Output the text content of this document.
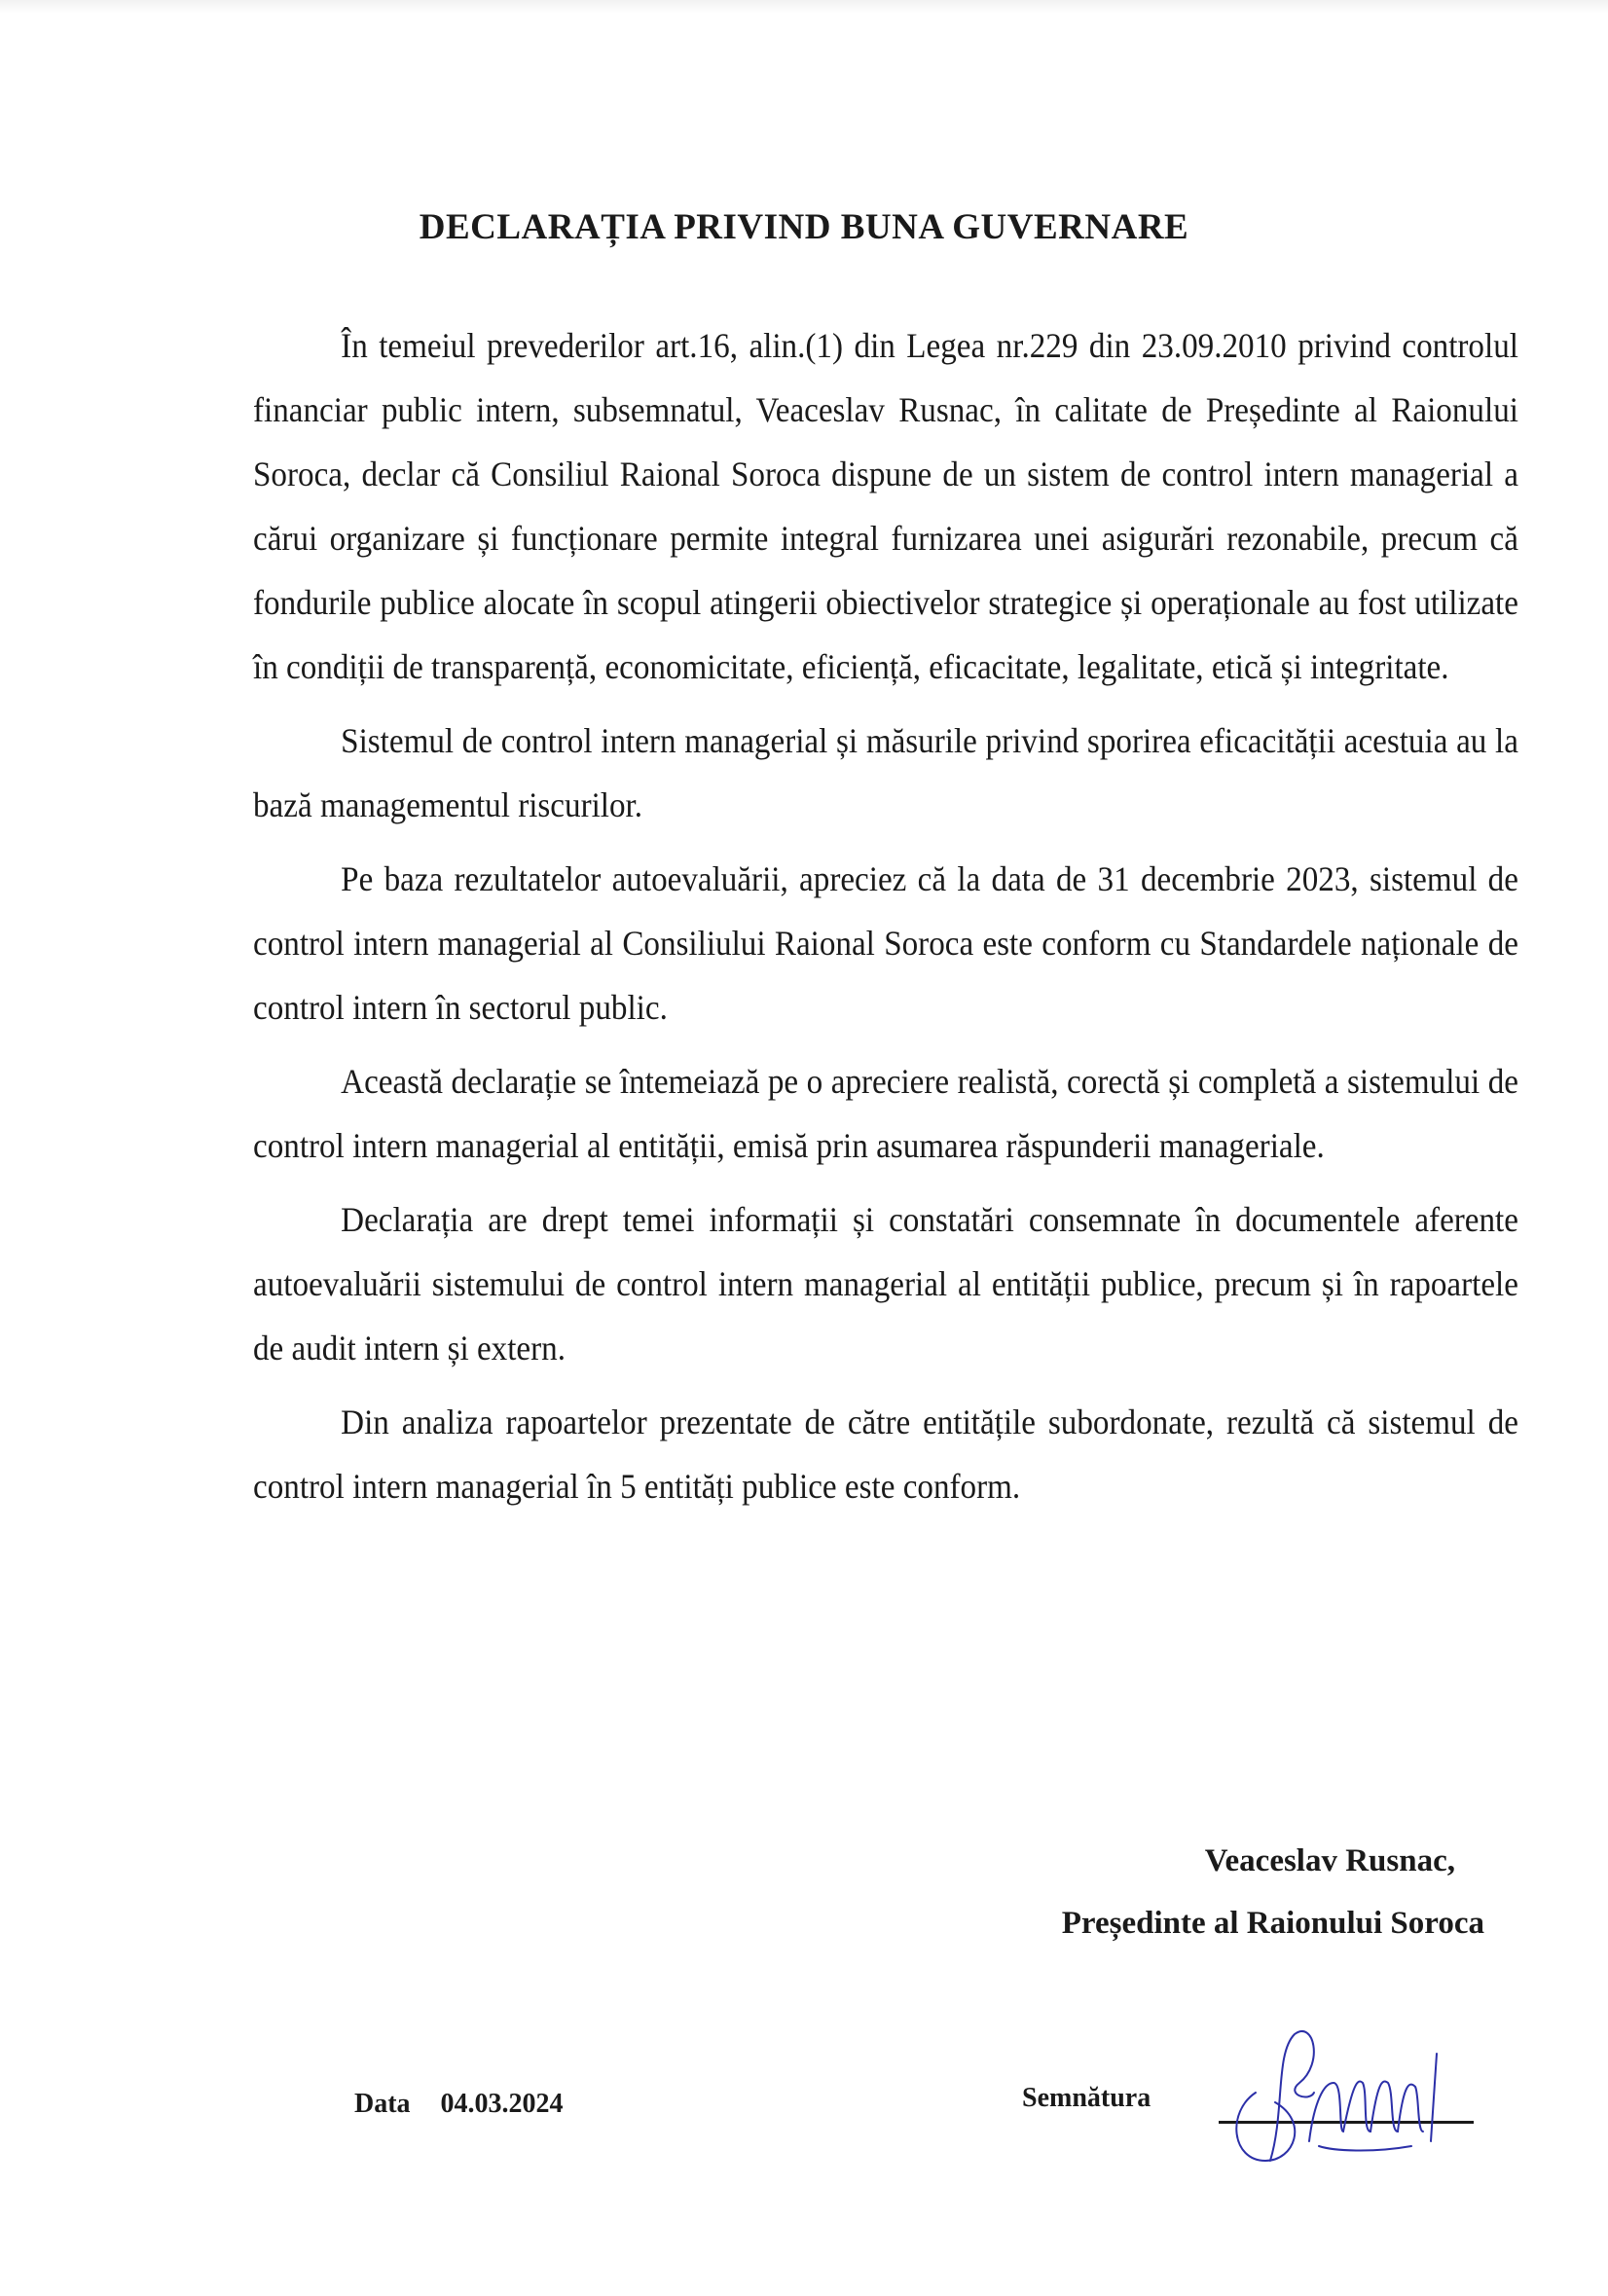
DECLARAȚIA PRIVIND BUNA GUVERNARE

În temeiul prevederilor art.16, alin.(1) din Legea nr.229 din 23.09.2010 privind controlul financiar public intern, subsemnatul, Veaceslav Rusnac, în calitate de Președinte al Raionului Soroca, declar că Consiliul Raional Soroca dispune de un sistem de control intern managerial a cărui organizare și funcționare permite integral furnizarea unei asigurări rezonabile, precum că fondurile publice alocate în scopul atingerii obiectivelor strategice și operaționale au fost utilizate în condiții de transparență, economicitate, eficiență, eficacitate, legalitate, etică și integritate.

Sistemul de control intern managerial și măsurile privind sporirea eficacității acestuia au la bază managementul riscurilor.

Pe baza rezultatelor autoevaluării, apreciez că la data de 31 decembrie 2023, sistemul de control intern managerial al Consiliului Raional Soroca este conform cu Standardele naționale de control intern în sectorul public.

Această declarație se întemeiază pe o apreciere realistă, corectă și completă a sistemului de control intern managerial al entității, emisă prin asumarea răspunderii manageriale.

Declarația are drept temei informații și constatări consemnate în documentele aferente autoevaluării sistemului de control intern managerial al entității publice, precum și în rapoartele de audit intern și extern.

Din analiza rapoartelor prezentate de către entitățile subordonate, rezultă că sistemul de control intern managerial în 5 entități publice este conform.

Veaceslav Rusnac,
Președinte al Raionului Soroca
Data 04.03.2024	Semnătura
